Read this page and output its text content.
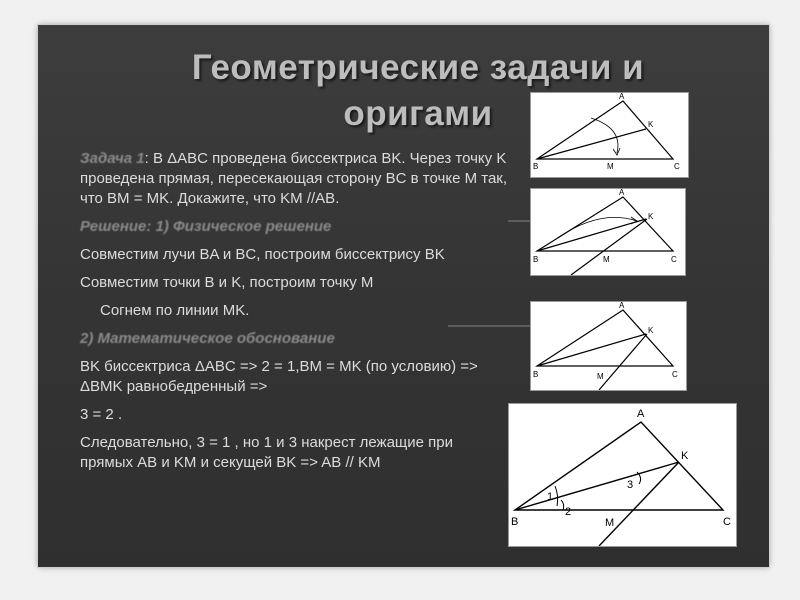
Геометрические задачи и оригами

Задача 1: В ΔABC проведена биссектриса BK. Через точку K проведена прямая, пересекающая сторону BC в точке M так, что BM = MK. Докажите, что KM //AB.

Решение: 1) Физическое решение

Совместим лучи BA и BC, построим биссектрису BK

Совместим точки B и K, построим точку M

Согнем по линии MK.

2) Математическое обоснование

BK биссектриса ΔABC => 2 = 1,BM = MK (по условию) => ΔBMK равнобедренный =>

3 = 2 .

Следовательно, 3 = 1 , но 1 и 3 накрест лежащие при прямых AB и KM и секущей BK => AB // KM

A
K
B	M	C
A
K
B	M	C
A
K
B	M	C
A
K
B	M	C
1
2
3
